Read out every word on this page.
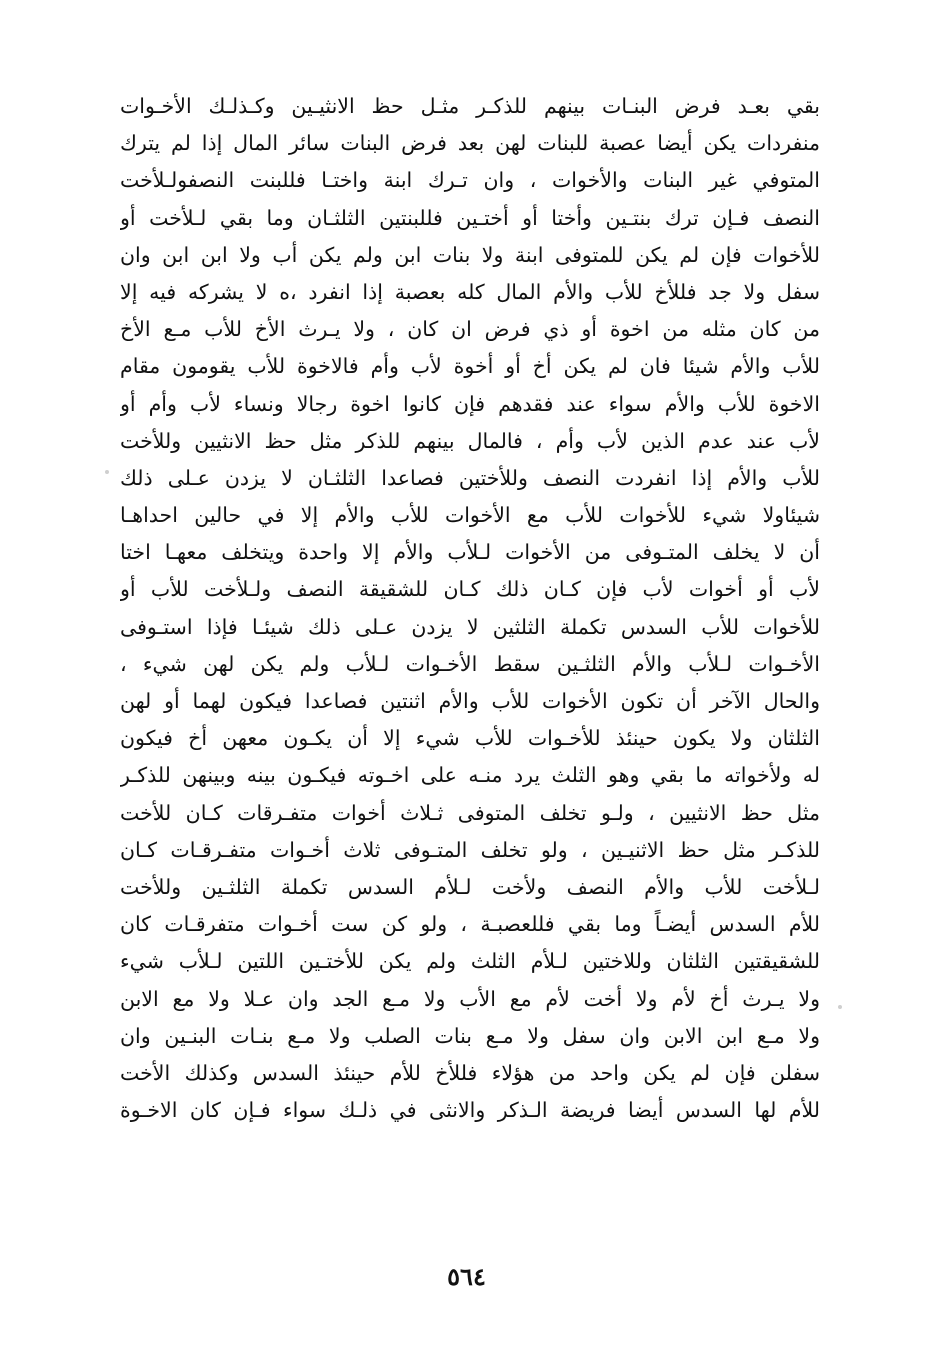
بقي بعـد فرض البنـات بينهم للذكـر مثـل حظ الانثيـين وكـذلـك الأخـوات
منفردات يكن أيضا عصبة للبنات لهن بعد فرض البنات سائر المال إذا لم يترك
المتوفي غير البنات والأخوات ، وان تـرك ابنة واختـا فللبنت النصفولـلأخت
النصف فـإن ترك بنتـين وأختا أو أختـين فللبنتين الثلثـان وما بقي لـلأخت أو
للأخوات فإن لم يكن للمتوفى ابنة ولا بنات ابن ولم يكن أب ولا ابن ابن وان
سفل ولا جد فللأخ للأب والأم المال كله بعصبة إذا انفرد ،ه لا يشركه فيه إلا
من كان مثله من اخوة أو ذي فرض ان كان ، ولا يـرث الأخ للأب مـع الأخ
للأب والأم شيئا فان لم يكن أخ أو أخوة لأب وأم فالاخوة للأب يقومون مقام
الاخوة للأب والأم سواء عند فقدهم فإن كانوا اخوة رجالا ونساء لأب وأم أو
لأب عند عدم الذين لأب وأم ، فالمال بينهم للذكر مثل حظ الانثيين وللأخت
للأب والأم إذا انفردت النصف وللأختين فصاعدا الثلثـان لا يزدن عـلى ذلك
شيئاولا شيء للأخوات للأب مع الأخوات للأب والأم إلا في حالين احداهـا
أن لا يخلف المتـوفى من الأخوات لـلأب والأم إلا واحدة ويتخلف معهـا اختا
لأب أو أخوات لأب فإن كـان ذلك كـان للشقيقة النصف ولـلأخت للأب أو
للأخوات للأب السدس تكملة الثلثين لا يزدن عـلى ذلك شيئـا فإذا استـوفى
الأخـوات لـلأب والأم الثلثـين سقط الأخـوات لـلأب ولم يكن لهن شيء ،
والحال الآخر أن تكون الأخوات للأب والأم اثنتين فصاعدا فيكون لهما أو لهن
الثلثان ولا يكون حينئذ للأخـوات للأب شيء إلا أن يكـون معهن أخ فيكون
له ولأخواته ما بقي وهو الثلث يرد منـه على اخـوته فيكـون بينه وبينهن للذكـر
مثل حظ الانثيين ، ولـو تخلف المتوفى ثـلاث أخوات متفـرقات كـان للأخت
للذكـر مثل حظ الاثنيـين ، ولو تخلف المتـوفى ثلاث أخـوات متفـرقـات كـان
لـلأخت للأب والأم النصف ولأخت لـلأم السدس تكملة الثلثـين وللأخت
للأم السدس أيضـاً وما بقي فللعصبـة ، ولو كن ست أخـوات متفرقـات كان
للشقيقتين الثلثان وللاختين لـلأم الثلث ولم يكن للأختـين اللتين لـلأب شيء
ولا يـرث أخ لأم ولا أخت لأم مع الأب ولا مـع الجد وان عـلا ولا مع الابن
ولا مـع ابن الابن وان سفل ولا مـع بنات الصلب ولا مـع بنـات البنـين وان
سفلن فإن لم يكن واحد من هؤلاء فللأخ للأم حينئذ السدس وكذلك الأخت
للأم لها السدس أيضا فريضة الـذكر والانثى في ذلـك سواء فـإن كان الاخـوة
٥٦٤
